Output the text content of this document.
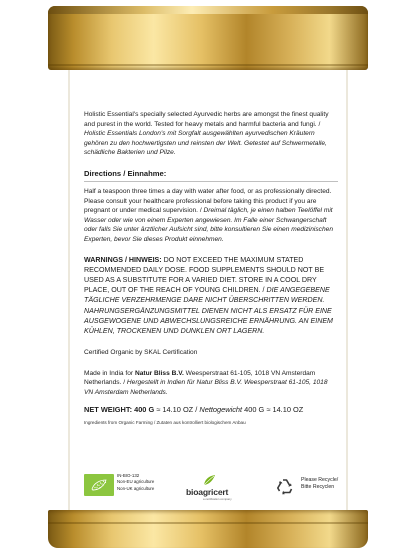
Holistic Essential's specially selected Ayurvedic herbs are amongst the finest quality and purest in the world. Tested for heavy metals and harmful bacteria and fungi. / Holistic Essentials London's mit Sorgfalt ausgewählten ayurvedischen Kräutern gehören zu den hochwertigsten und reinsten der Welt. Getestet auf Schwermetalle, schädliche Bakterien und Pilze.

Directions / Einnahme:

Half a teaspoon three times a day with water after food, or as professionally directed. Please consult your healthcare professional before taking this product if you are pregnant or under medical supervision. / Dreimal täglich, je einen halben Teelöffel mit Wasser oder wie von einem Experten angewiesen. Im Falle einer Schwangerschaft oder falls Sie unter ärztlicher Aufsicht sind, bitte konsultieren Sie einen medizinischen Experten, bevor Sie dieses Produkt einnehmen.

WARNINGS / HINWEIS: DO NOT EXCEED THE MAXIMUM STATED RECOMMENDED DAILY DOSE. FOOD SUPPLEMENTS SHOULD NOT BE USED AS A SUBSTITUTE FOR A VARIED DIET. STORE IN A COOL DRY PLACE, OUT OF THE REACH OF YOUNG CHILDREN. / DIE ANGEGEBENE TÄGLICHE VERZEHRMENGE DARE NICHT ÜBERSCHRITTEN WERDEN. NAHRUNGSERGÄNZUNGSMITTEL DIENEN NICHT ALS ERSATZ FÜR EINE AUSGEWOGENE UND ABWECHSLUNGSREICHE ERNÄHRUNG. AN EINEM KÜHLEN, TROCKENEN UND DUNKLEN ORT LAGERN.

Certified Organic by SKAL Certification

Made in India for Natur Bliss B.V. Weesperstraat 61-105, 1018 VN Amsterdam Netherlands. / Hergestellt in Indien für Natur Bliss B.V. Weesperstraat 61-105, 1018 VN Amsterdam Netherlands.

NET WEIGHT: 400 G ≈ 14.10 OZ / Nettogewicht 400 G ≈ 14.10 OZ

Ingredients from Organic Farming / Zutaten aus kontrolliert biologischem Anbau

IN-BIO-132
Non-EU agriculture
Non-UK agriculture	bioagricert
a certification company
Please Recycle/
Bitte Recyclen
